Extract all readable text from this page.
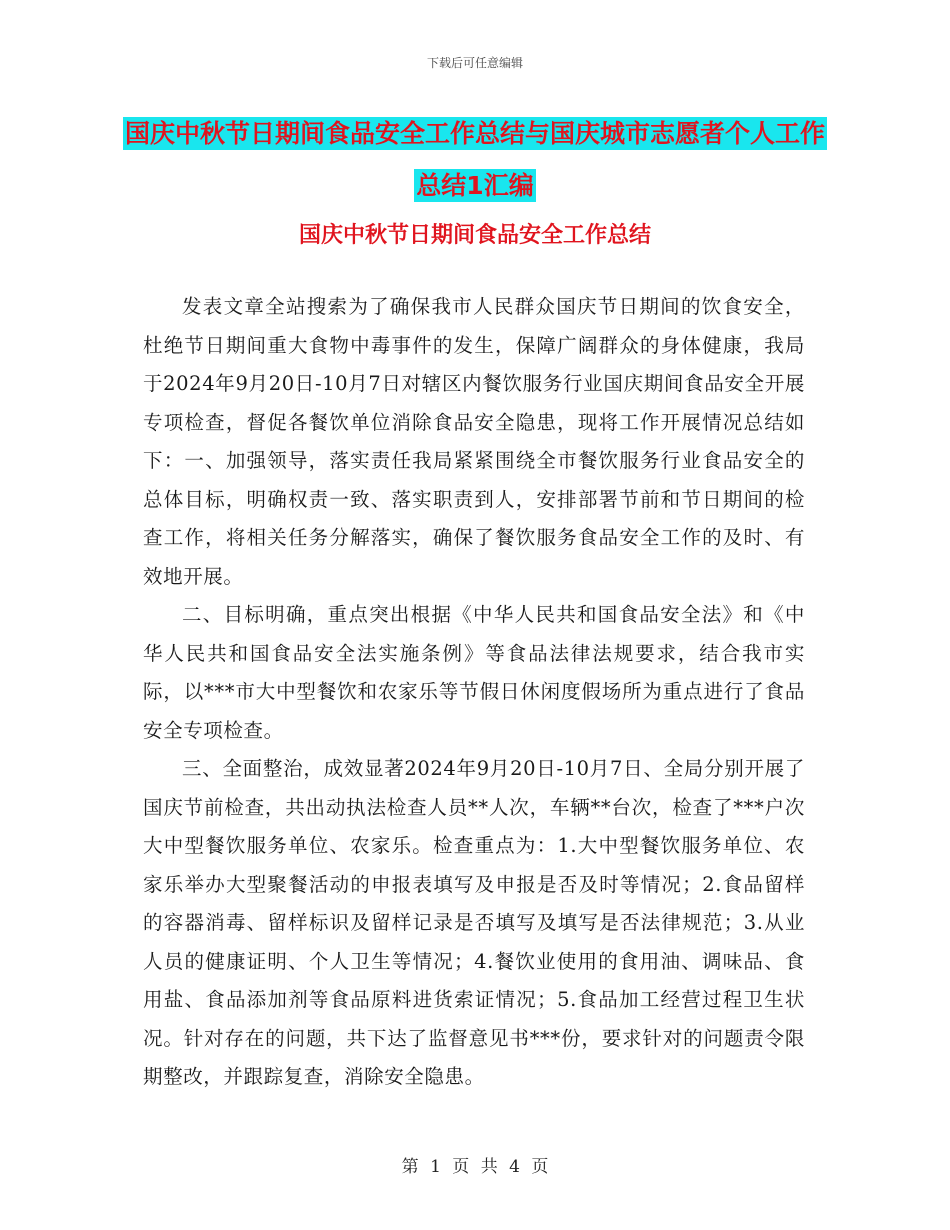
下载后可任意编辑
国庆中秋节日期间食品安全工作总结与国庆城市志愿者个人工作总结1汇编
国庆中秋节日期间食品安全工作总结

发表文章全站搜索为了确保我市人民群众国庆节日期间的饮食安全，杜绝节日期间重大食物中毒事件的发生，保障广阔群众的身体健康，我局于2024年9月20日-10月7日对辖区内餐饮服务行业国庆期间食品安全开展专项检查，督促各餐饮单位消除食品安全隐患，现将工作开展情况总结如下：一、加强领导，落实责任我局紧紧围绕全市餐饮服务行业食品安全的总体目标，明确权责一致、落实职责到人，安排部署节前和节日期间的检查工作，将相关任务分解落实，确保了餐饮服务食品安全工作的及时、有效地开展。

二、目标明确，重点突出根据《中华人民共和国食品安全法》和《中华人民共和国食品安全法实施条例》等食品法律法规要求，结合我市实际，以***市大中型餐饮和农家乐等节假日休闲度假场所为重点进行了食品安全专项检查。

三、全面整治，成效显著2024年9月20日-10月7日、全局分别开展了国庆节前检查，共出动执法检查人员**人次，车辆**台次，检查了***户次大中型餐饮服务单位、农家乐。检查重点为：1.大中型餐饮服务单位、农家乐举办大型聚餐活动的申报表填写及申报是否及时等情况；2.食品留样的容器消毒、留样标识及留样记录是否填写及填写是否法律规范；3.从业人员的健康证明、个人卫生等情况；4.餐饮业使用的食用油、调味品、食用盐、食品添加剂等食品原料进货索证情况；5.食品加工经营过程卫生状况。针对存在的问题，共下达了监督意见书***份，要求针对的问题责令限期整改，并跟踪复查，消除安全隐患。

第 1 页 共 4 页
